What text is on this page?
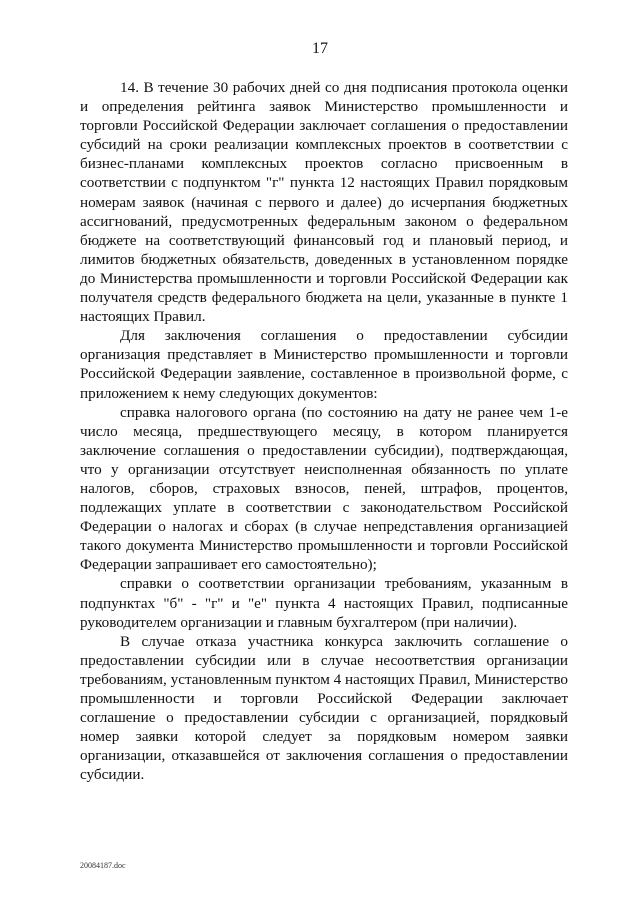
17

14. В течение 30 рабочих дней со дня подписания протокола оценки и определения рейтинга заявок Министерство промышленности и торговли Российской Федерации заключает соглашения о предоставлении субсидий на сроки реализации комплексных проектов в соответствии с бизнес-планами комплексных проектов согласно присвоенным в соответствии с подпунктом "г" пункта 12 настоящих Правил порядковым номерам заявок (начиная с первого и далее) до исчерпания бюджетных ассигнований, предусмотренных федеральным законом о федеральном бюджете на соответствующий финансовый год и плановый период, и лимитов бюджетных обязательств, доведенных в установленном порядке до Министерства промышленности и торговли Российской Федерации как получателя средств федерального бюджета на цели, указанные в пункте 1 настоящих Правил.

Для заключения соглашения о предоставлении субсидии организация представляет в Министерство промышленности и торговли Российской Федерации заявление, составленное в произвольной форме, с приложением к нему следующих документов:

справка налогового органа (по состоянию на дату не ранее чем 1-е число месяца, предшествующего месяцу, в котором планируется заключение соглашения о предоставлении субсидии), подтверждающая, что у организации отсутствует неисполненная обязанность по уплате налогов, сборов, страховых взносов, пеней, штрафов, процентов, подлежащих уплате в соответствии с законодательством Российской Федерации о налогах и сборах (в случае непредставления организацией такого документа Министерство промышленности и торговли Российской Федерации запрашивает его самостоятельно);

справки о соответствии организации требованиям, указанным в подпунктах "б" - "г" и "е" пункта 4 настоящих Правил, подписанные руководителем организации и главным бухгалтером (при наличии).

В случае отказа участника конкурса заключить соглашение о предоставлении субсидии или в случае несоответствия организации требованиям, установленным пунктом 4 настоящих Правил, Министерство промышленности и торговли Российской Федерации заключает соглашение о предоставлении субсидии с организацией, порядковый номер заявки которой следует за порядковым номером заявки организации, отказавшейся от заключения соглашения о предоставлении субсидии.

20084187.doc
